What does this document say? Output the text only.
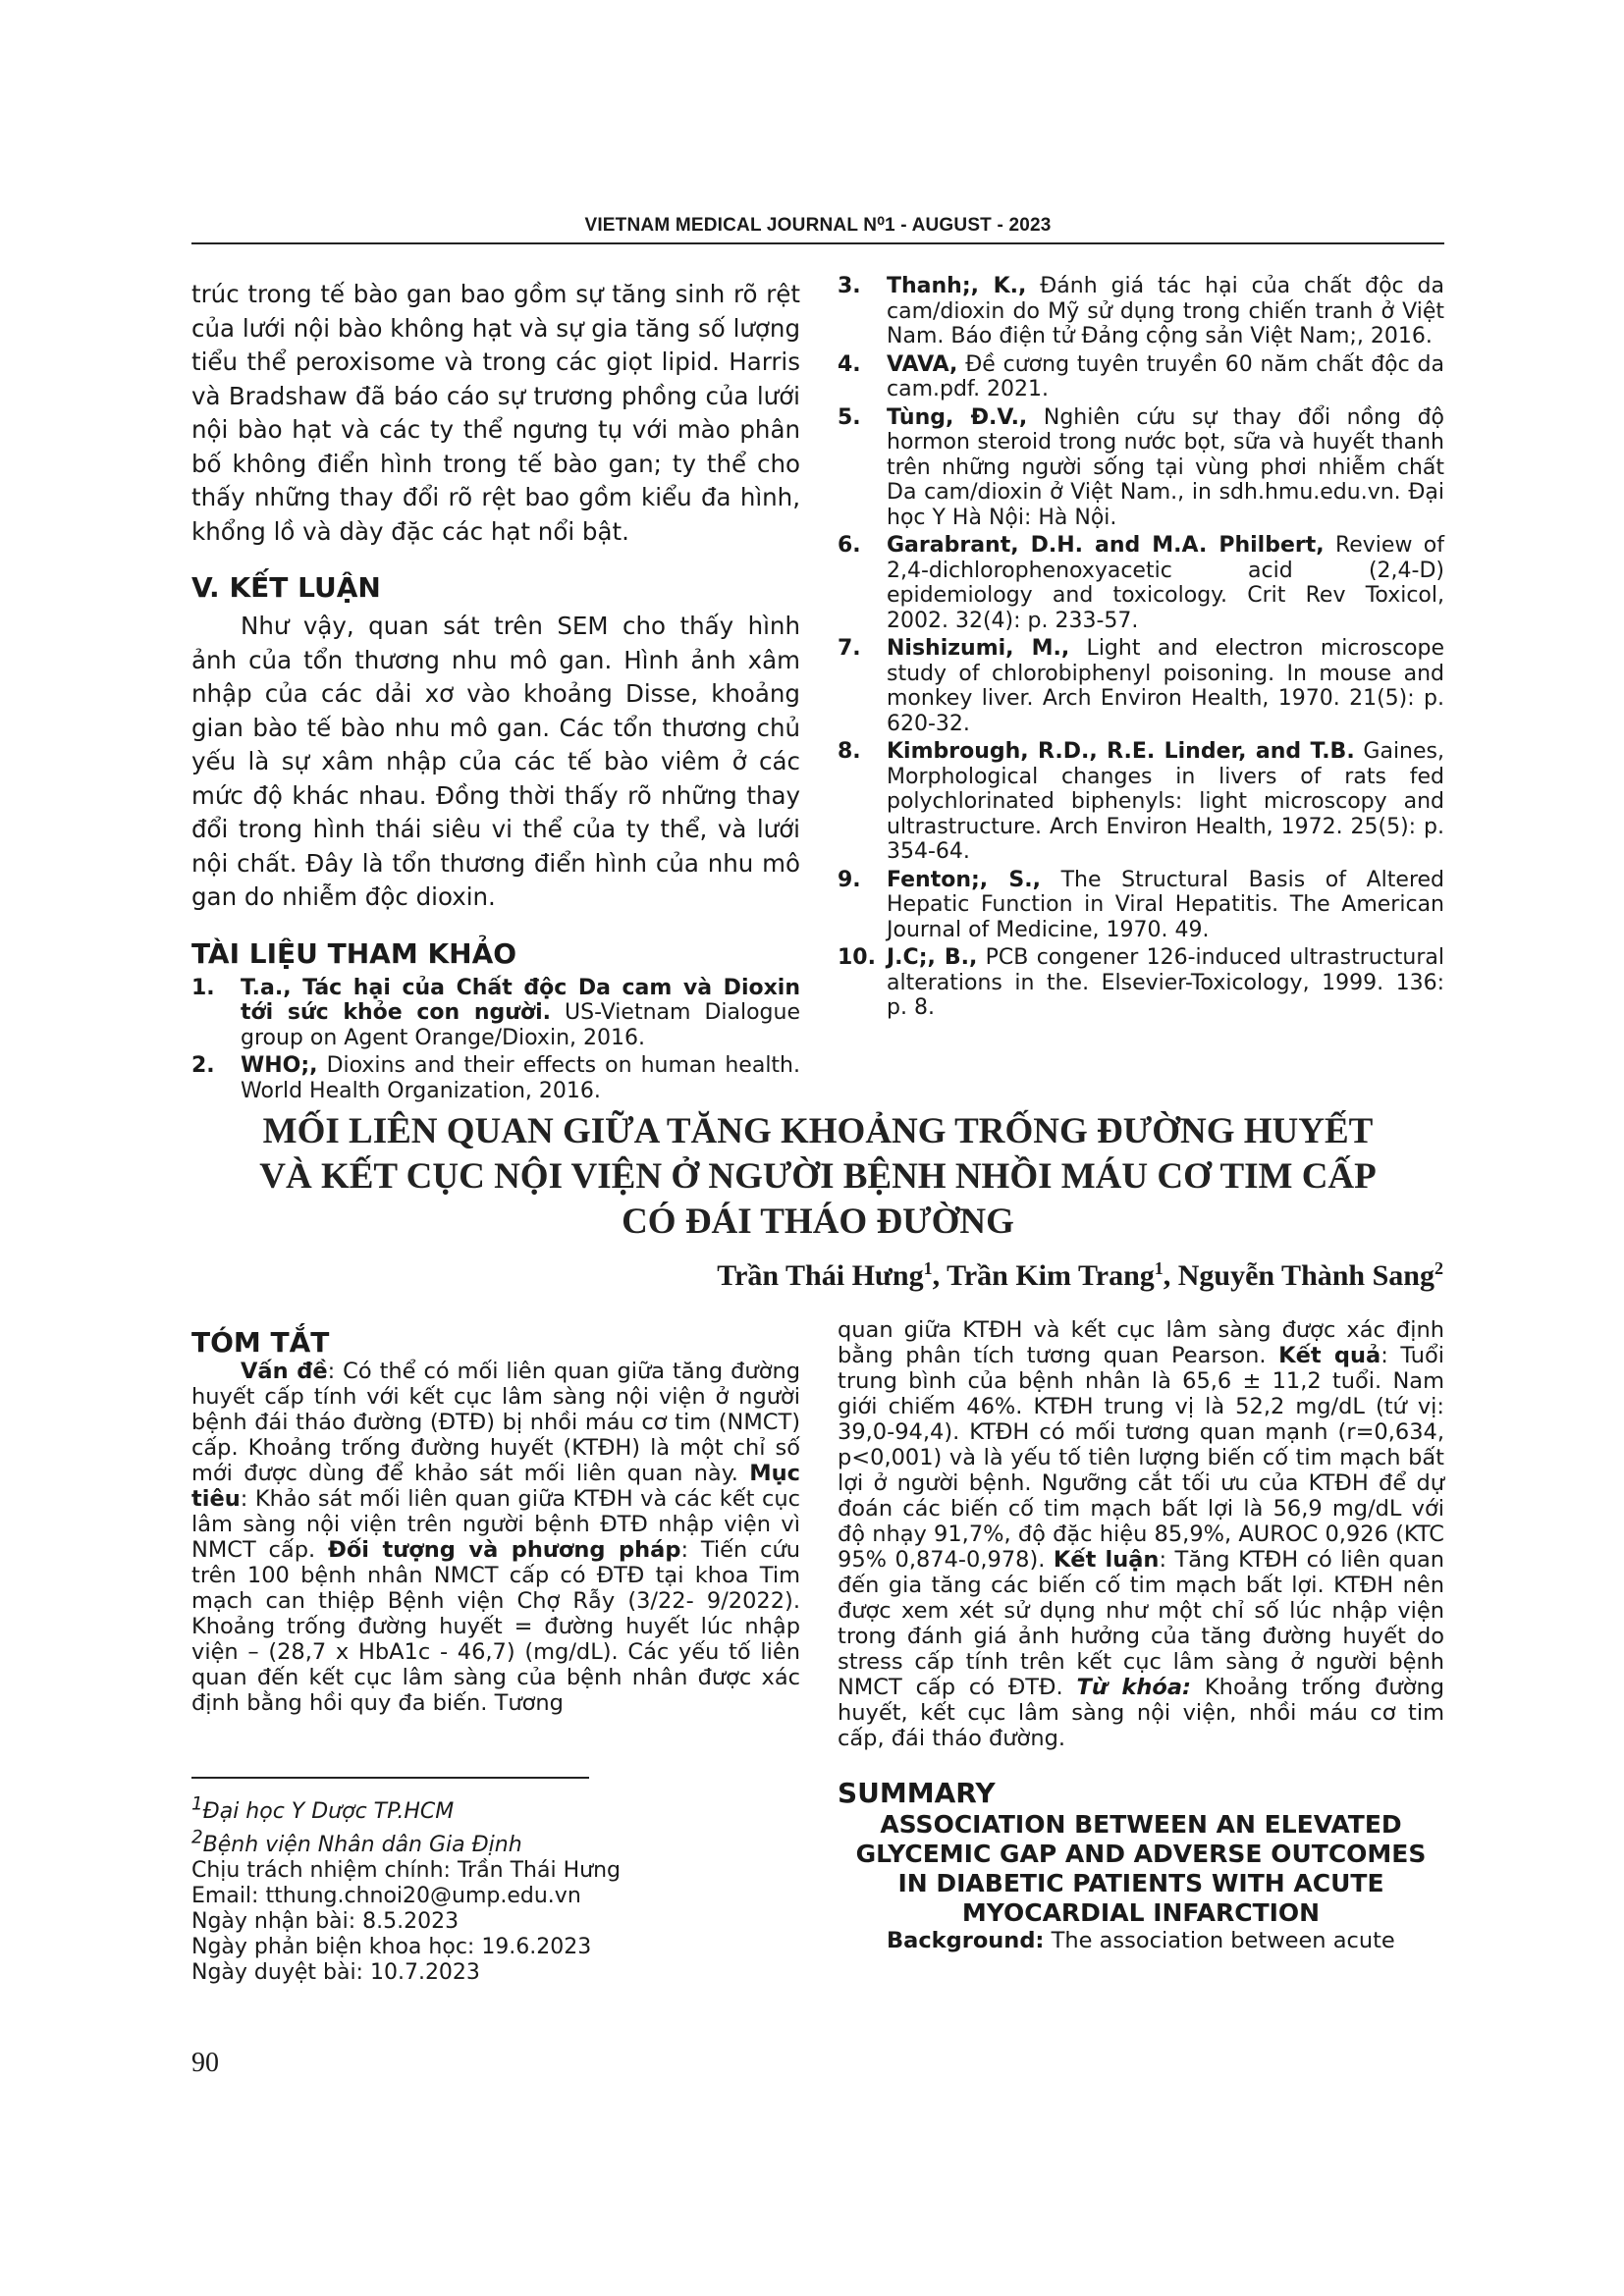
VIETNAM MEDICAL JOURNAL N⁰1 - AUGUST - 2023

trúc trong tế bào gan bao gồm sự tăng sinh rõ rệt của lưới nội bào không hạt và sự gia tăng số lượng tiểu thể peroxisome và trong các giọt lipid. Harris và Bradshaw đã báo cáo sự trương phồng của lưới nội bào hạt và các ty thể ngưng tụ với mào phân bố không điển hình trong tế bào gan; ty thể cho thấy những thay đổi rõ rệt bao gồm kiểu đa hình, khổng lồ và dày đặc các hạt nổi bật.

V. KẾT LUẬN

Như vậy, quan sát trên SEM cho thấy hình ảnh của tổn thương nhu mô gan. Hình ảnh xâm nhập của các dải xơ vào khoảng Disse, khoảng gian bào tế bào nhu mô gan. Các tổn thương chủ yếu là sự xâm nhập của các tế bào viêm ở các mức độ khác nhau. Đồng thời thấy rõ những thay đổi trong hình thái siêu vi thể của ty thể, và lưới nội chất. Đây là tổn thương điển hình của nhu mô gan do nhiễm độc dioxin.

TÀI LIỆU THAM KHẢO
1. T.a., Tác hại của Chất độc Da cam và Dioxin tới sức khỏe con người. US-Vietnam Dialogue group on Agent Orange/Dioxin, 2016.
2. WHO;, Dioxins and their effects on human health. World Health Organization, 2016.
3. Thanh;, K., Đánh giá tác hại của chất độc da cam/dioxin do Mỹ sử dụng trong chiến tranh ở Việt Nam. Báo điện tử Đảng cộng sản Việt Nam;, 2016.
4. VAVA, Đề cương tuyên truyền 60 năm chất độc da cam.pdf. 2021.
5. Tùng, Đ.V., Nghiên cứu sự thay đổi nồng độ hormon steroid trong nước bọt, sữa và huyết thanh trên những người sống tại vùng phơi nhiễm chất Da cam/dioxin ở Việt Nam., in sdh.hmu.edu.vn. Đại học Y Hà Nội: Hà Nội.
6. Garabrant, D.H. and M.A. Philbert, Review of 2,4-dichlorophenoxyacetic acid (2,4-D) epidemiology and toxicology. Crit Rev Toxicol, 2002. 32(4): p. 233-57.
7. Nishizumi, M., Light and electron microscope study of chlorobiphenyl poisoning. In mouse and monkey liver. Arch Environ Health, 1970. 21(5): p. 620-32.
8. Kimbrough, R.D., R.E. Linder, and T.B. Gaines, Morphological changes in livers of rats fed polychlorinated biphenyls: light microscopy and ultrastructure. Arch Environ Health, 1972. 25(5): p. 354-64.
9. Fenton;, S., The Structural Basis of Altered Hepatic Function in Viral Hepatitis. The American Journal of Medicine, 1970. 49.
10. J.C;, B., PCB congener 126-induced ultrastructural alterations in the. Elsevier-Toxicology, 1999. 136: p. 8.
MỐI LIÊN QUAN GIỮA TĂNG KHOẢNG TRỐNG ĐƯỜNG HUYẾT
VÀ KẾT CỤC NỘI VIỆN Ở NGƯỜI BỆNH NHỒI MÁU CƠ TIM CẤP
CÓ ĐÁI THÁO ĐƯỜNG
Trần Thái Hưng$^1$, Trần Kim Trang$^1$, Nguyễn Thành Sang$^2$
TÓM TẮT

Vấn đề: Có thể có mối liên quan giữa tăng đường huyết cấp tính với kết cục lâm sàng nội viện ở người bệnh đái tháo đường (ĐTĐ) bị nhồi máu cơ tim (NMCT) cấp. Khoảng trống đường huyết (KTĐH) là một chỉ số mới được dùng để khảo sát mối liên quan này. Mục tiêu: Khảo sát mối liên quan giữa KTĐH và các kết cục lâm sàng nội viện trên người bệnh ĐTĐ nhập viện vì NMCT cấp. Đối tượng và phương pháp: Tiến cứu trên 100 bệnh nhân NMCT cấp có ĐTĐ tại khoa Tim mạch can thiệp Bệnh viện Chợ Rẫy (3/22- 9/2022). Khoảng trống đường huyết = đường huyết lúc nhập viện – (28,7 x HbA1c - 46,7) (mg/dL). Các yếu tố liên quan đến kết cục lâm sàng của bệnh nhân được xác định bằng hồi quy đa biến. Tương

quan giữa KTĐH và kết cục lâm sàng được xác định bằng phân tích tương quan Pearson. Kết quả: Tuổi trung bình của bệnh nhân là 65,6 ± 11,2 tuổi. Nam giới chiếm 46%. KTĐH trung vị là 52,2 mg/dL (tứ vị: 39,0-94,4). KTĐH có mối tương quan mạnh (r=0,634, p<0,001) và là yếu tố tiên lượng biến cố tim mạch bất lợi ở người bệnh. Ngưỡng cắt tối ưu của KTĐH để dự đoán các biến cố tim mạch bất lợi là 56,9 mg/dL với độ nhạy 91,7%, độ đặc hiệu 85,9%, AUROC 0,926 (KTC 95% 0,874-0,978). Kết luận: Tăng KTĐH có liên quan đến gia tăng các biến cố tim mạch bất lợi. KTĐH nên được xem xét sử dụng như một chỉ số lúc nhập viện trong đánh giá ảnh hưởng của tăng đường huyết do stress cấp tính trên kết cục lâm sàng ở người bệnh NMCT cấp có ĐTĐ. Từ khóa: Khoảng trống đường huyết, kết cục lâm sàng nội viện, nhồi máu cơ tim cấp, đái tháo đường.

SUMMARY
ASSOCIATION BETWEEN AN ELEVATED GLYCEMIC GAP AND ADVERSE OUTCOMES IN DIABETIC PATIENTS WITH ACUTE MYOCARDIAL INFARCTION

Background: The association between acute

$^1$Đại học Y Dược TP.HCM

$^2$Bệnh viện Nhân dân Gia Định

Chịu trách nhiệm chính: Trần Thái Hưng

Email: tthung.chnoi20@ump.edu.vn

Ngày nhận bài: 8.5.2023

Ngày phản biện khoa học: 19.6.2023

Ngày duyệt bài: 10.7.2023

90
